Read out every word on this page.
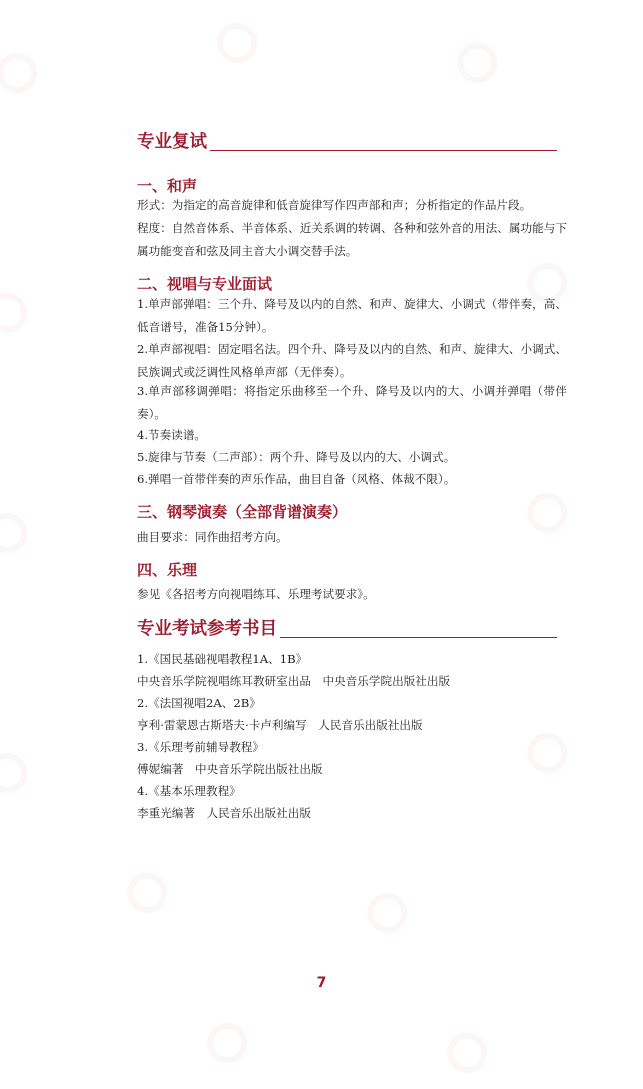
专业复试
一、和声
形式：为指定的高音旋律和低音旋律写作四声部和声；分析指定的作品片段。
程度：自然音体系、半音体系、近关系调的转调、各种和弦外音的用法、属功能与下属功能变音和弦及同主音大小调交替手法。
二、视唱与专业面试
1.单声部弹唱：三个升、降号及以内的自然、和声、旋律大、小调式（带伴奏，高、低音谱号，准备15分钟）。
2.单声部视唱：固定唱名法。四个升、降号及以内的自然、和声、旋律大、小调式、民族调式或泛调性风格单声部（无伴奏）。
3.单声部移调弹唱：将指定乐曲移至一个升、降号及以内的大、小调并弹唱（带伴奏）。
4.节奏读谱。
5.旋律与节奏（二声部）：两个升、降号及以内的大、小调式。
6.弹唱一首带伴奏的声乐作品，曲目自备（风格、体裁不限）。
三、钢琴演奏（全部背谱演奏）
曲目要求：同作曲招考方向。
四、乐理
参见《各招考方向视唱练耳、乐理考试要求》。
专业考试参考书目
1.《国民基础视唱教程1A、1B》
中央音乐学院视唱练耳教研室出品　中央音乐学院出版社出版
2.《法国视唱2A、2B》
亨利·雷蒙恩古斯塔夫·卡卢利编写　人民音乐出版社出版
3.《乐理考前辅导教程》
傅妮编著　中央音乐学院出版社出版
4.《基本乐理教程》
李重光编著　人民音乐出版社出版
7
